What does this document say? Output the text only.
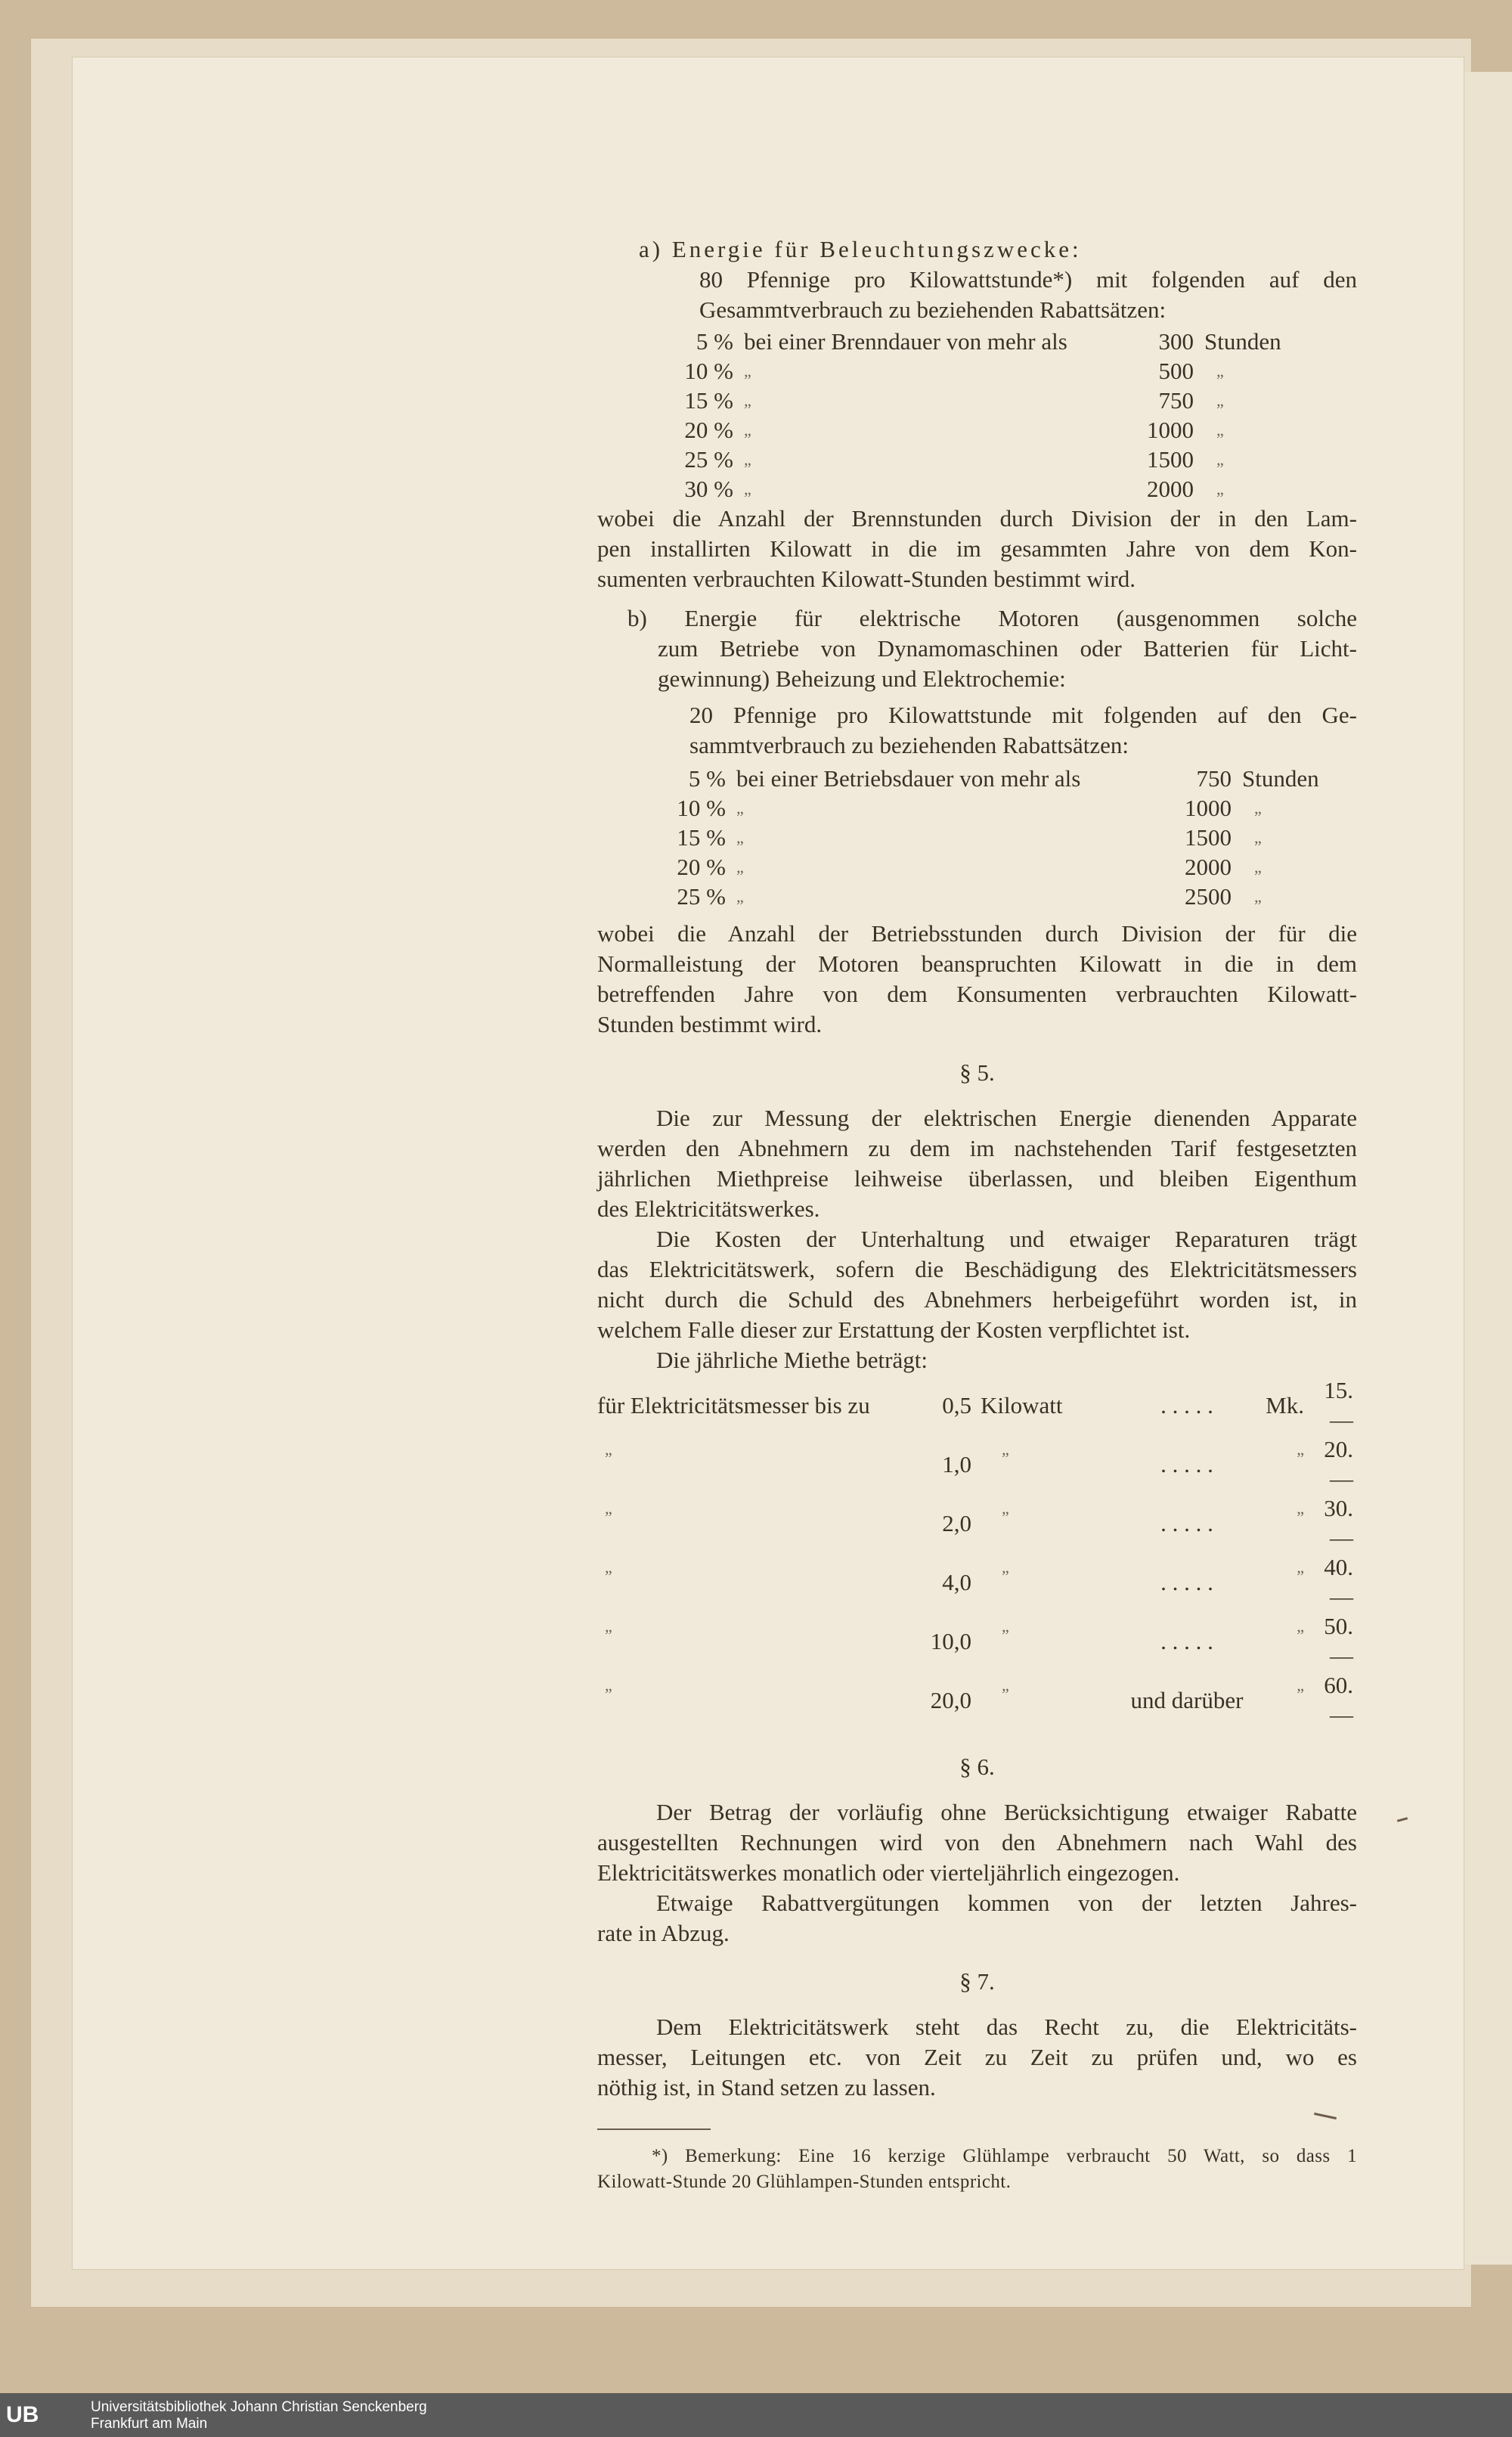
a) Energie für Beleuchtungszwecke:
80 Pfennige pro Kilowattstunde*) mit folgenden auf den
Gesammtverbrauch zu beziehenden Rabattsätzen:
5 %	bei einer Brenndauer von mehr als	300	Stunden
10 %	„	500	„
15 %	„	750	„
20 %	„	1000	„
25 %	„	1500	„
30 %	„	2000	„
wobei die Anzahl der Brennstunden durch Division der in den Lam-
pen installirten Kilowatt in die im gesammten Jahre von dem Kon-
sumenten verbrauchten Kilowatt-Stunden bestimmt wird.
b) Energie für elektrische Motoren (ausgenommen solche
zum Betriebe von Dynamomaschinen oder Batterien für Licht-
gewinnung) Beheizung und Elektrochemie:
20 Pfennige pro Kilowattstunde mit folgenden auf den Ge-
sammtverbrauch zu beziehenden Rabattsätzen:
5 %	bei einer Betriebsdauer von mehr als	750	Stunden
10 %	„	1000	„
15 %	„	1500	„
20 %	„	2000	„
25 %	„	2500	„
wobei die Anzahl der Betriebsstunden durch Division der für die
Normalleistung der Motoren beanspruchten Kilowatt in die in dem
betreffenden Jahre von dem Konsumenten verbrauchten Kilowatt-
Stunden bestimmt wird.
§ 5.
Die zur Messung der elektrischen Energie dienenden Apparate
werden den Abnehmern zu dem im nachstehenden Tarif festgesetzten
jährlichen Miethpreise leihweise überlassen, und bleiben Eigenthum
des Elektricitätswerkes.
Die Kosten der Unterhaltung und etwaiger Reparaturen trägt
das Elektricitätswerk, sofern die Beschädigung des Elektricitätsmessers
nicht durch die Schuld des Abnehmers herbeigeführt worden ist, in
welchem Falle dieser zur Erstattung der Kosten verpflichtet ist.
Die jährliche Miethe beträgt:
für Elektricitätsmesser bis zu	0,5	Kilowatt	. . . . .	Mk.	15.—
„	1,0	„	. . . . .	„	20.—
„	2,0	„	. . . . .	„	30.—
„	4,0	„	. . . . .	„	40.—
„	10,0	„	. . . . .	„	50.—
„	20,0	„	und darüber	„	60.—
§ 6.
Der Betrag der vorläufig ohne Berücksichtigung etwaiger Rabatte
ausgestellten Rechnungen wird von den Abnehmern nach Wahl des
Elektricitätswerkes monatlich oder vierteljährlich eingezogen.
Etwaige Rabattvergütungen kommen von der letzten Jahres-
rate in Abzug.
§ 7.
Dem Elektricitätswerk steht das Recht zu, die Elektricitäts-
messer, Leitungen etc. von Zeit zu Zeit zu prüfen und, wo es
nöthig ist, in Stand setzen zu lassen.
*) Bemerkung: Eine 16 kerzige Glühlampe verbraucht 50 Watt, so dass 1
Kilowatt-Stunde 20 Glühlampen-Stunden entspricht.
UB	Universitätsbibliothek Johann Christian Senckenberg
Frankfurt am Main
